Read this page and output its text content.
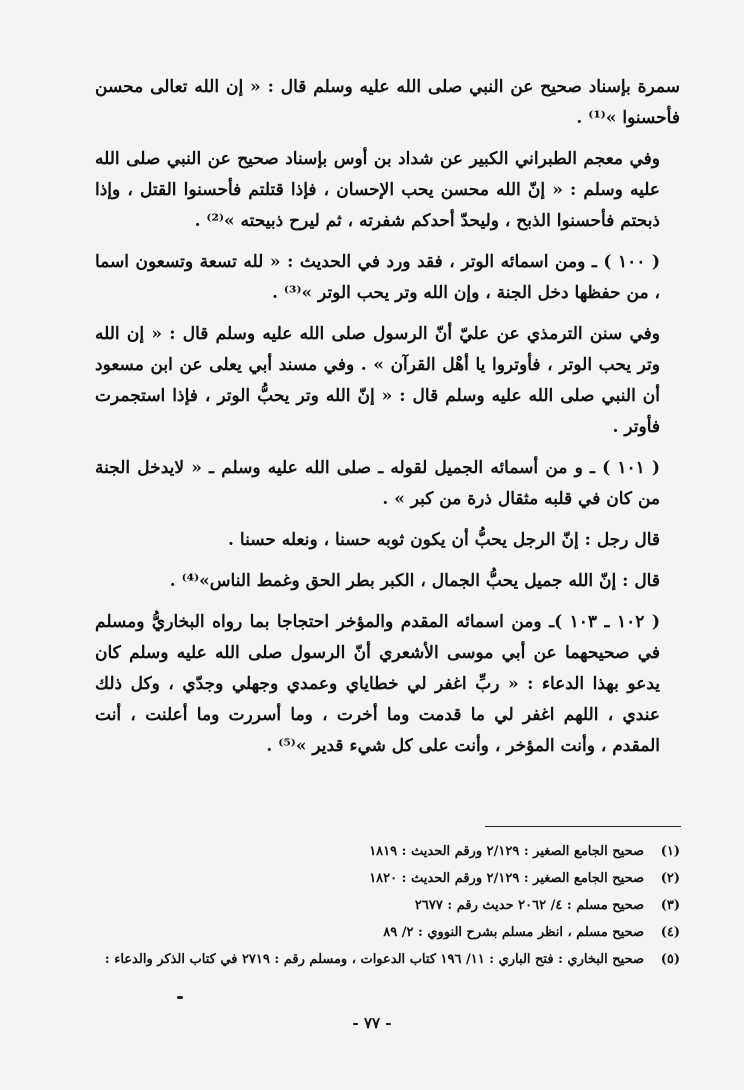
سمرة بإسناد صحيح عن النبي صلى الله عليه وسلم قال : « إن الله تعالى محسن فأحسنوا »⁽¹⁾ .

وفي معجم الطبراني الكبير عن شداد بن أوس بإسناد صحيح عن النبي صلى الله عليه وسلم : « إنّ الله محسن يحب الإحسان ، فإذا قتلتم فأحسنوا القتل ، وإذا ذبحتم فأحسنوا الذبح ، وليحدّ أحدكم شفرته ، ثم ليرح ذبيحته »⁽²⁾ .

( ١٠٠ ) ـ ومن اسمائه الوتر ، فقد ورد في الحديث : « لله تسعة وتسعون اسما ، من حفظها دخل الجنة ، وإن الله وتر يحب الوتر »⁽³⁾ .

وفي سنن الترمذي عن عليّ أنّ الرسول صلى الله عليه وسلم قال : « إن الله وتر يحب الوتر ، فأوتروا يا أهْل القرآن » . وفي مسند أبي يعلى عن ابن مسعود أن النبي صلى الله عليه وسلم قال : « إنّ الله وتر يحبُّ الوتر ، فإذا استجمرت فأوتر .

( ١٠١ ) ـ و من أسمائه الجميل لقوله ـ صلى الله عليه وسلم ـ « لايدخل الجنة من كان في قلبه مثقال ذرة من كبر » .

قال رجل : إنّ الرجل يحبُّ أن يكون ثوبه حسنا ، ونعله حسنا .

قال : إنّ الله جميل يحبُّ الجمال ، الكبر بطر الحق وغمط الناس»⁽⁴⁾ .

( ١٠٢ ـ ١٠٣ )ـ ومن اسمائه المقدم والمؤخر احتجاجا بما رواه البخاريُّ ومسلم في صحيحهما عن أبي موسى الأشعري أنّ الرسول صلى الله عليه وسلم كان يدعو بهذا الدعاء : « ربِّ اغفر لي خطاياي وعمدي وجهلي وجدّي ، وكل ذلك عندي ، اللهم اغفر لي ما قدمت وما أخرت ، وما أسررت وما أعلنت ، أنت المقدم ، وأنت المؤخر ، وأنت على كل شيء قدير »⁽⁵⁾ .

(١)
صحيح الجامع الصغير : ٢/١٢٩ ورقم الحديث : ١٨١٩
(٢)
صحيح الجامع الصغير : ٢/١٢٩ ورقم الحديث : ١٨٢٠
(٣)
صحيح مسلم : ٤/ ٢٠٦٢ حديث رقم : ٢٦٧٧
(٤)
صحيح مسلم ، انظر مسلم بشرح النووي : ٢/ ٨٩
(٥)
صحيح البخاري : فتح الباري : ١١/ ١٩٦ كتاب الدعوات ، ومسلم رقم : ٢٧١٩ في كتاب الذكر والدعاء :
- ٧٧ -
